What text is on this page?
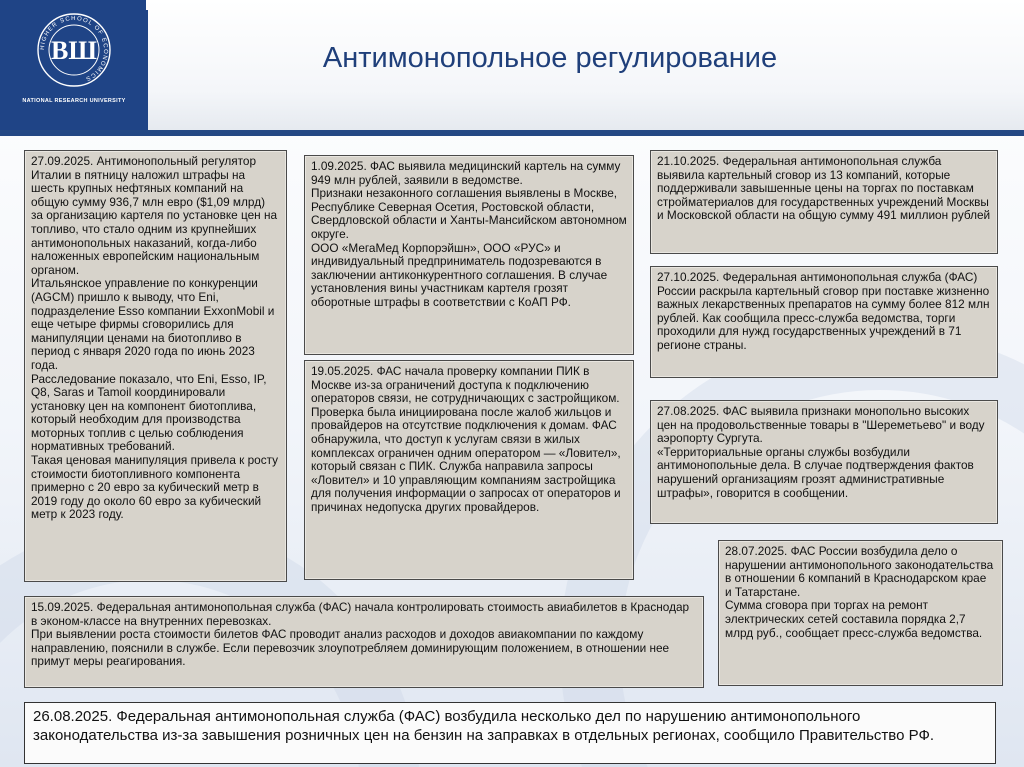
HIGHER SCHOOL OF ECONOMICS
ВШ
NATIONAL RESEARCH UNIVERSITY
Антимонопольное регулирование

27.09.2025. Антимонопольный регулятор Италии в пятницу наложил штрафы на шесть крупных нефтяных компаний на общую сумму 936,7 млн евро ($1,09 млрд) за организацию картеля по установке цен на топливо, что стало одним из крупнейших антимонопольных наказаний, когда-либо наложенных европейским национальным органом.
Итальянское управление по конкуренции (AGCM) пришло к выводу, что Eni, подразделение Esso компании ExxonMobil и еще четыре фирмы сговорились для манипуляции ценами на биотопливо в период с января 2020 года по июнь 2023 года.
Расследование показало, что Eni, Esso, IP, Q8, Saras и Tamoil координировали установку цен на компонент биотоплива, который необходим для производства моторных топлив с целью соблюдения нормативных требований.
Такая ценовая манипуляция привела к росту стоимости биотопливного компонента примерно с 20 евро за кубический метр в 2019 году до около 60 евро за кубический метр к 2023 году.

1.09.2025. ФАС выявила медицинский картель на сумму 949 млн рублей, заявили в ведомстве.
Признаки незаконного соглашения выявлены в Москве, Республике Северная Осетия, Ростовской области, Свердловской области и Ханты-Мансийском автономном округе.
ООО «МегаМед Корпорэйшн», ООО «РУС» и индивидуальный предприниматель подозреваются в заключении антиконкурентного соглашения. В случае установления вины участникам картеля грозят оборотные штрафы в соответствии с КоАП РФ.

19.05.2025. ФАС начала проверку компании ПИК в Москве из-за ограничений доступа к подключению операторов связи, не сотрудничающих с застройщиком.
Проверка была инициирована после жалоб жильцов и провайдеров на отсутствие подключения к домам. ФАС обнаружила, что доступ к услугам связи в жилых комплексах ограничен одним оператором — «Ловител», который связан с ПИК. Служба направила запросы «Ловител» и 10 управляющим компаниям застройщика для получения информации о запросах от операторов и причинах недопуска других провайдеров.

21.10.2025. Федеральная антимонопольная служба выявила картельный сговор из 13 компаний, которые поддерживали завышенные цены на торгах по поставкам стройматериалов для государственных учреждений Москвы и Московской области на общую сумму 491 миллион рублей

27.10.2025. Федеральная антимонопольная служба (ФАС) России раскрыла картельный сговор при поставке жизненно важных лекарственных препаратов на сумму более 812 млн рублей. Как сообщила пресс-служба ведомства, торги проходили для нужд государственных учреждений в 71 регионе страны.

27.08.2025. ФАС выявила признаки монопольно высоких цен на продовольственные товары в "Шереметьево" и воду аэропорту Сургута.
«Территориальные органы службы возбудили антимонопольные дела. В случае подтверждения фактов нарушений организациям грозят административные штрафы», говорится в сообщении.

28.07.2025. ФАС России возбудила дело о нарушении антимонопольного законодательства в отношении 6 компаний в Краснодарском крае и Татарстане.
Сумма сговора при торгах на ремонт электрических сетей составила порядка 2,7 млрд руб., сообщает пресс-служба ведомства.

15.09.2025. Федеральная антимонопольная служба (ФАС) начала контролировать стоимость авиабилетов в Краснодар в эконом-классе на внутренних перевозках.
При выявлении роста стоимости билетов ФАС проводит анализ расходов и доходов авиакомпании по каждому направлению, пояснили в службе. Если перевозчик злоупотребляем доминирующим положением, в отношении нее примут меры реагирования.

26.08.2025. Федеральная антимонопольная служба (ФАС) возбудила несколько дел по нарушению антимонопольного законодательства из-за завышения розничных цен на бензин на заправках в отдельных регионах, сообщило Правительство РФ.
